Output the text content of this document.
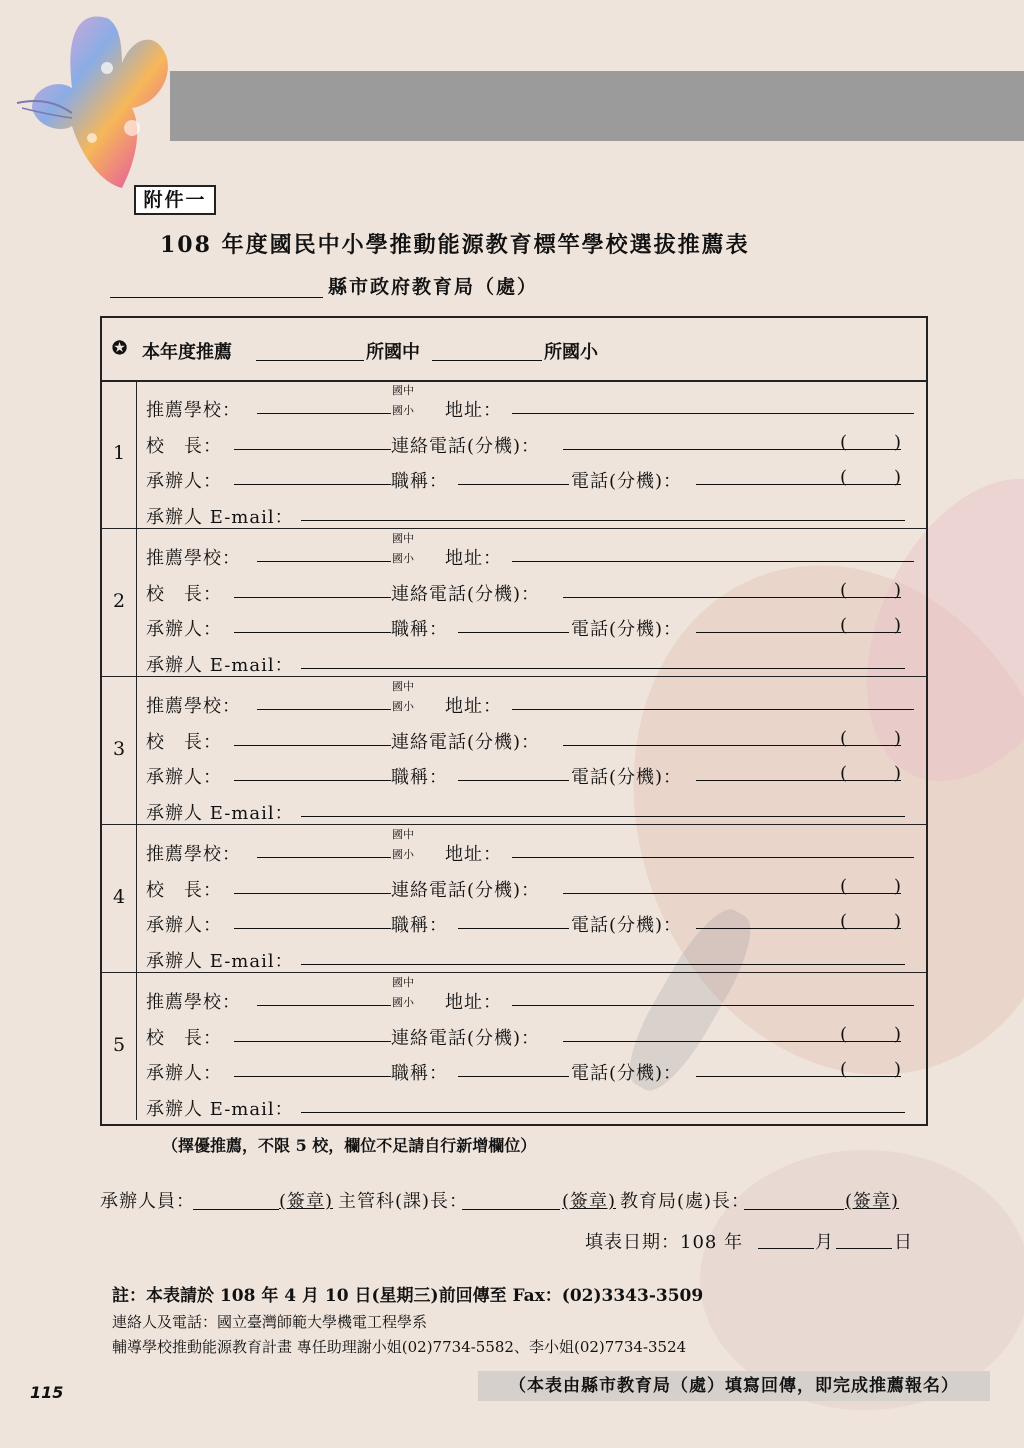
附件一
108 年度國民中小學推動能源教育標竿學校選拔推薦表
縣市政府教育局（處）
✪ 本年度推薦	所國中	所國小
1
推薦學校：
國中
國小 地址：
校　長：	連絡電話(分機)：	(	)
承辦人：	職稱：	電話(分機)：	(	)
承辦人 E-mail：
2
推薦學校：
國中
國小 地址：
校　長：	連絡電話(分機)：	(	)
承辦人：	職稱：	電話(分機)：	(	)
承辦人 E-mail：
3
推薦學校：
國中
國小 地址：
校　長：	連絡電話(分機)：	(	)
承辦人：	職稱：	電話(分機)：	(	)
承辦人 E-mail：
4
推薦學校：
國中
國小 地址：
校　長：	連絡電話(分機)：	(	)
承辦人：	職稱：	電話(分機)：	(	)
承辦人 E-mail：
5
推薦學校：
國中
國小 地址：
校　長：	連絡電話(分機)：	(	)
承辦人：	職稱：	電話(分機)：	(	)
承辦人 E-mail：
（擇優推薦，不限 5 校，欄位不足請自行新增欄位）
承辦人員：	(簽章) 主管科(課)長：	(簽章) 教育局(處)長：	(簽章)
填表日期：108 年	月	日
註：本表請於 108 年 4 月 10 日(星期三)前回傳至 Fax：(02)3343-3509
連絡人及電話：國立臺灣師範大學機電工程學系
輔導學校推動能源教育計畫 專任助理謝小姐(02)7734-5582、李小姐(02)7734-3524
115	（本表由縣市教育局（處）填寫回傳，即完成推薦報名）
